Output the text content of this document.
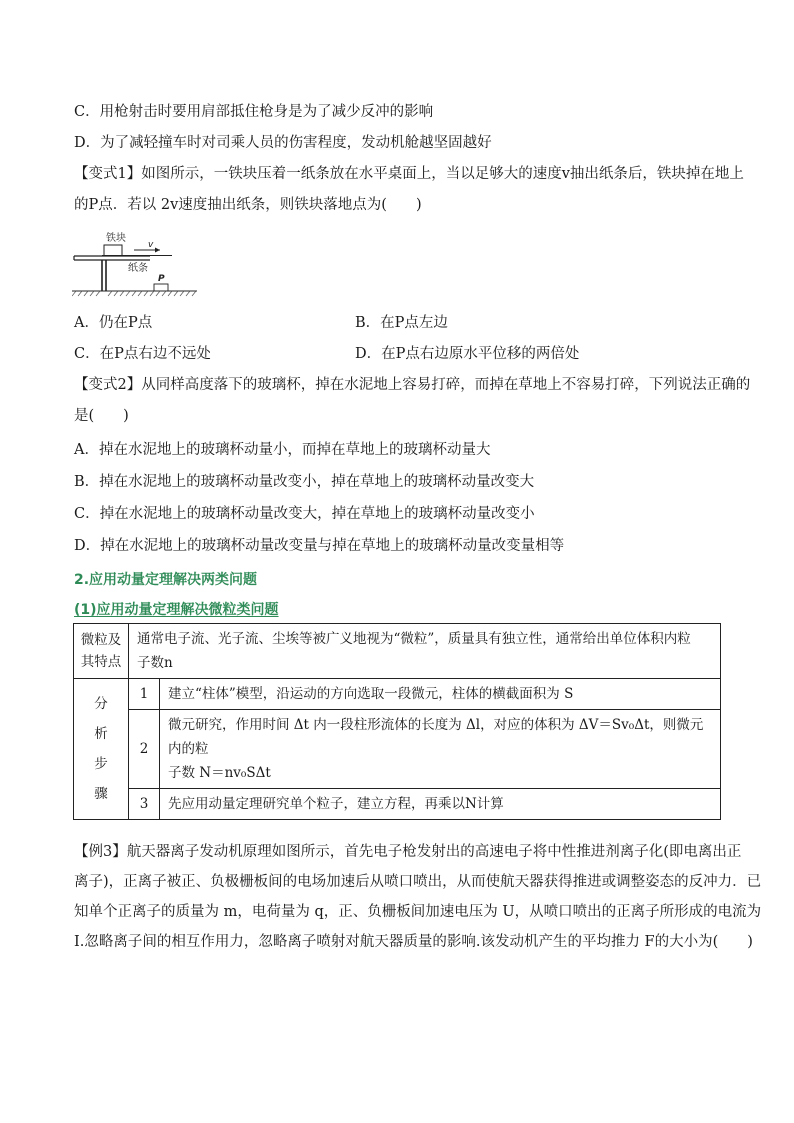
C．用枪射击时要用肩部抵住枪身是为了减少反冲的影响
D．为了减轻撞车时对司乘人员的伤害程度，发动机舱越坚固越好
【变式1】如图所示，一铁块压着一纸条放在水平桌面上，当以足够大的速度v抽出纸条后，铁块掉在地上
的P点．若以 2v速度抽出纸条，则铁块落地点为(　　)
铁块
v
纸条
P
A．仍在P点	B．在P点左边
C．在P点右边不远处	D．在P点右边原水平位移的两倍处
【变式2】从同样高度落下的玻璃杯，掉在水泥地上容易打碎，而掉在草地上不容易打碎，下列说法正确的
是(　　)
A．掉在水泥地上的玻璃杯动量小，而掉在草地上的玻璃杯动量大
B．掉在水泥地上的玻璃杯动量改变小，掉在草地上的玻璃杯动量改变大
C．掉在水泥地上的玻璃杯动量改变大，掉在草地上的玻璃杯动量改变小
D．掉在水泥地上的玻璃杯动量改变量与掉在草地上的玻璃杯动量改变量相等
2.应用动量定理解决两类问题
(1)应用动量定理解决微粒类问题
微粒及其特点	通常电子流、光子流、尘埃等被广义地视为“微粒”，质量具有独立性，通常给出单位体积内粒
子数n	

分
析
步
骤	1	建立“柱体”模型，沿运动的方向选取一段微元，柱体的横截面积为 S
	2	微元研究，作用时间 Δt 内一段柱形流体的长度为 Δl，对应的体积为 ΔV＝Sv₀Δt，则微元内的粒
子数 N＝nv₀SΔt

	3	先应用动量定理研究单个粒子，建立方程，再乘以N计算
【例3】航天器离子发动机原理如图所示，首先电子枪发射出的高速电子将中性推进剂离子化(即电离出正
离子)，正离子被正、负极栅板间的电场加速后从喷口喷出，从而使航天器获得推进或调整姿态的反冲力．已
知单个正离子的质量为 m，电荷量为 q，正、负栅板间加速电压为 U，从喷口喷出的正离子所形成的电流为
I.忽略离子间的相互作用力，忽略离子喷射对航天器质量的影响.该发动机产生的平均推力 F的大小为(　　)
